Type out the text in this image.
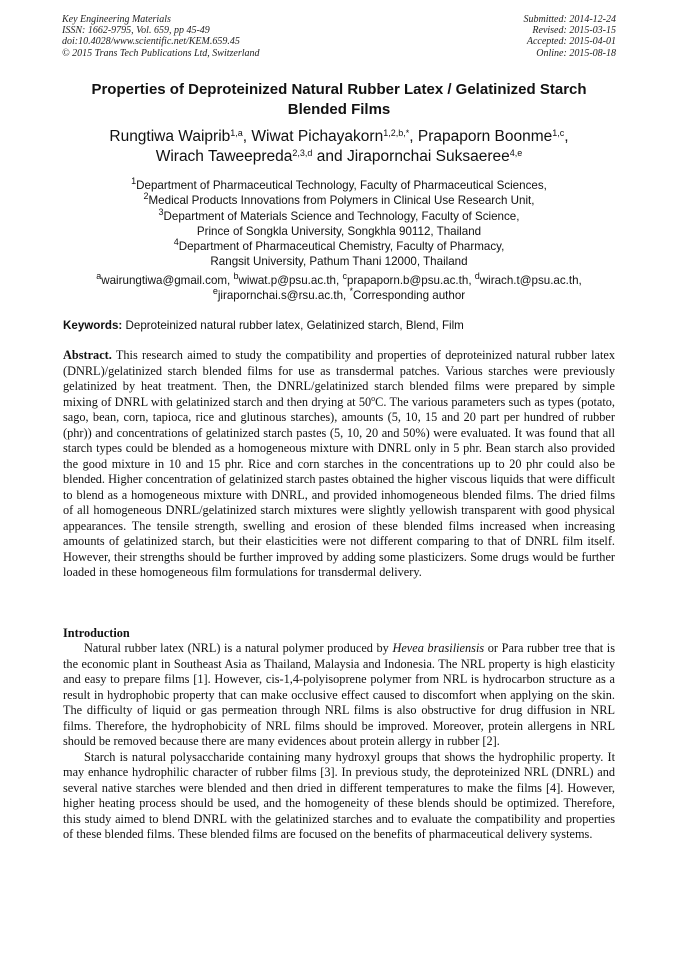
Key Engineering Materials
ISSN: 1662-9795, Vol. 659, pp 45-49
doi:10.4028/www.scientific.net/KEM.659.45
© 2015 Trans Tech Publications Ltd, Switzerland
Submitted: 2014-12-24
Revised: 2015-03-15
Accepted: 2015-04-01
Online: 2015-08-18
Properties of Deproteinized Natural Rubber Latex / Gelatinized Starch
Blended Films
Rungtiwa Waiprib$^{1,a}$, Wiwat Pichayakorn$^{1,2,b,*}$, Prapaporn Boonme$^{1,c}$,
Wirach Taweepreda$^{2,3,d}$ and Jirapornchai Suksaeree$^{4,e}$
$^1$Department of Pharmaceutical Technology, Faculty of Pharmaceutical Sciences,
$^2$Medical Products Innovations from Polymers in Clinical Use Research Unit,
$^3$Department of Materials Science and Technology, Faculty of Science,
Prince of Songkla University, Songkhla 90112, Thailand
$^4$Department of Pharmaceutical Chemistry, Faculty of Pharmacy,
Rangsit University, Pathum Thani 12000, Thailand
$^a$wairungtiwa@gmail.com, $^b$wiwat.p@psu.ac.th, $^c$prapaporn.b@psu.ac.th, $^d$wirach.t@psu.ac.th,
$^e$jirapornchai.s@rsu.ac.th, *Corresponding author
Keywords: Deproteinized natural rubber latex, Gelatinized starch, Blend, Film
Abstract. This research aimed to study the compatibility and properties of deproteinized natural rubber latex (DNRL)/gelatinized starch blended films for use as transdermal patches. Various starches were previously gelatinized by heat treatment. Then, the DNRL/gelatinized starch blended films were prepared by simple mixing of DNRL with gelatinized starch and then drying at 50$^o$C. The various parameters such as types (potato, sago, bean, corn, tapioca, rice and glutinous starches), amounts (5, 10, 15 and 20 part per hundred of rubber (phr)) and concentrations of gelatinized starch pastes (5, 10, 20 and 50%) were evaluated. It was found that all starch types could be blended as a homogeneous mixture with DNRL only in 5 phr. Bean starch also provided the good mixture in 10 and 15 phr. Rice and corn starches in the concentrations up to 20 phr could also be blended. Higher concentration of gelatinized starch pastes obtained the higher viscous liquids that were difficult to blend as a homogeneous mixture with DNRL, and provided inhomogeneous blended films. The dried films of all homogeneous DNRL/gelatinized starch mixtures were slightly yellowish transparent with good physical appearances. The tensile strength, swelling and erosion of these blended films increased when increasing amounts of gelatinized starch, but their elasticities were not different comparing to that of DNRL film itself. However, their strengths should be further improved by adding some plasticizers. Some drugs would be further loaded in these homogeneous film formulations for transdermal delivery.
Introduction

Natural rubber latex (NRL) is a natural polymer produced by Hevea brasiliensis or Para rubber tree that is the economic plant in Southeast Asia as Thailand, Malaysia and Indonesia. The NRL property is high elasticity and easy to prepare films [1]. However, cis-1,4-polyisoprene polymer from NRL is hydrocarbon structure as a result in hydrophobic property that can make occlusive effect caused to discomfort when applying on the skin. The difficulty of liquid or gas permeation through NRL films is also obstructive for drug diffusion in NRL films. Therefore, the hydrophobicity of NRL films should be improved. Moreover, protein allergens in NRL should be removed because there are many evidences about protein allergy in rubber [2].

Starch is natural polysaccharide containing many hydroxyl groups that shows the hydrophilic property. It may enhance hydrophilic character of rubber films [3]. In previous study, the deproteinized NRL (DNRL) and several native starches were blended and then dried in different temperatures to make the films [4]. However, higher heating process should be used, and the homogeneity of these blends should be optimized. Therefore, this study aimed to blend DNRL with the gelatinized starches and to evaluate the compatibility and properties of these blended films. These blended films are focused on the benefits of pharmaceutical delivery systems.
